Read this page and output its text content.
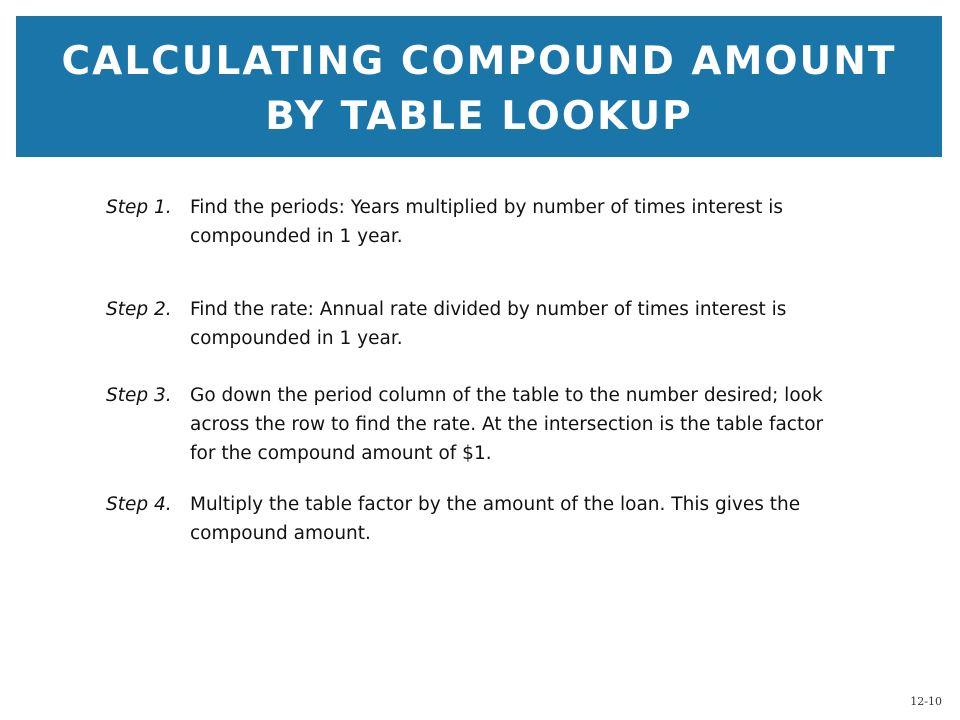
CALCULATING COMPOUND AMOUNT
BY TABLE LOOKUP
Step 1. Find the periods: Years multiplied by number of times interest is compounded in 1 year.
Step 2. Find the rate: Annual rate divided by number of times interest is compounded in 1 year.
Step 3. Go down the period column of the table to the number desired; look across the row to find the rate. At the intersection is the table factor for the compound amount of $1.
Step 4. Multiply the table factor by the amount of the loan. This gives the compound amount.
12-10
